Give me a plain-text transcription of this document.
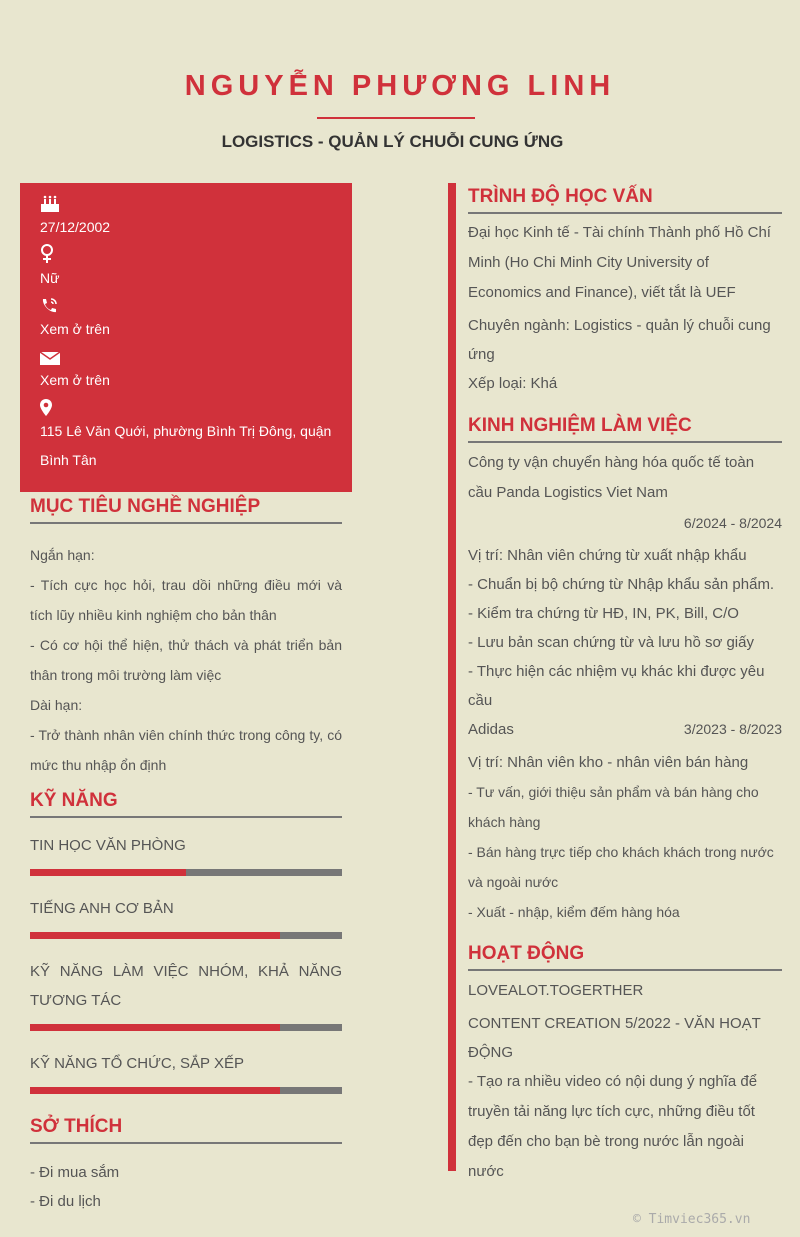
NGUYỄN PHƯƠNG LINH
LOGISTICS - QUẢN LÝ CHUỖI CUNG ỨNG
27/12/2002
Nữ
Xem ở trên
Xem ở trên
115 Lê Văn Quới, phường Bình Trị Đông, quận Bình Tân
MỤC TIÊU NGHỀ NGHIỆP

Ngắn hạn:

- Tích cực học hỏi, trau dồi những điều mới và tích lũy nhiều kinh nghiệm cho bản thân

- Có cơ hội thể hiện, thử thách và phát triển bản thân trong môi trường làm việc

Dài hạn:

- Trở thành nhân viên chính thức trong công ty, có mức thu nhập ổn định

KỸ NĂNG
TIN HỌC VĂN PHÒNG
TIẾNG ANH CƠ BẢN
KỸ NĂNG LÀM VIỆC NHÓM, KHẢ NĂNG TƯƠNG TÁC
KỸ NĂNG TỔ CHỨC, SẮP XẾP
SỞ THÍCH

- Đi mua sắm

- Đi du lịch

TRÌNH ĐỘ HỌC VẤN

Đại học Kinh tế - Tài chính Thành phố Hồ Chí Minh (Ho Chi Minh City University of Economics and Finance), viết tắt là UEF

Chuyên ngành: Logistics - quản lý chuỗi cung ứng

Xếp loại: Khá

KINH NGHIỆM LÀM VIỆC

Công ty vận chuyển hàng hóa quốc tế toàn cầu Panda Logistics Viet Nam

6/2024 - 8/2024

Vị trí: Nhân viên chứng từ xuất nhập khẩu

- Chuẩn bị bộ chứng từ Nhập khẩu sản phẩm.

- Kiểm tra chứng từ HĐ, IN, PK, Bill, C/O

- Lưu bản scan chứng từ và lưu hồ sơ giấy

- Thực hiện các nhiệm vụ khác khi được yêu cầu

Adidas	3/2023 - 8/2023

Vị trí: Nhân viên kho - nhân viên bán hàng

- Tư vấn, giới thiệu sản phẩm và bán hàng cho khách hàng

- Bán hàng trực tiếp cho khách khách trong nước và ngoài nước

- Xuất - nhập, kiểm đếm hàng hóa

HOẠT ĐỘNG

LOVEALOT.TOGERTHER

CONTENT CREATION 5/2022 - VĂN HOẠT ĐỘNG

- Tạo ra nhiều video có nội dung ý nghĩa để truyền tải năng lực tích cực, những điều tốt đẹp đến cho bạn bè trong nước lẫn ngoài nước

© Timviec365.vn
